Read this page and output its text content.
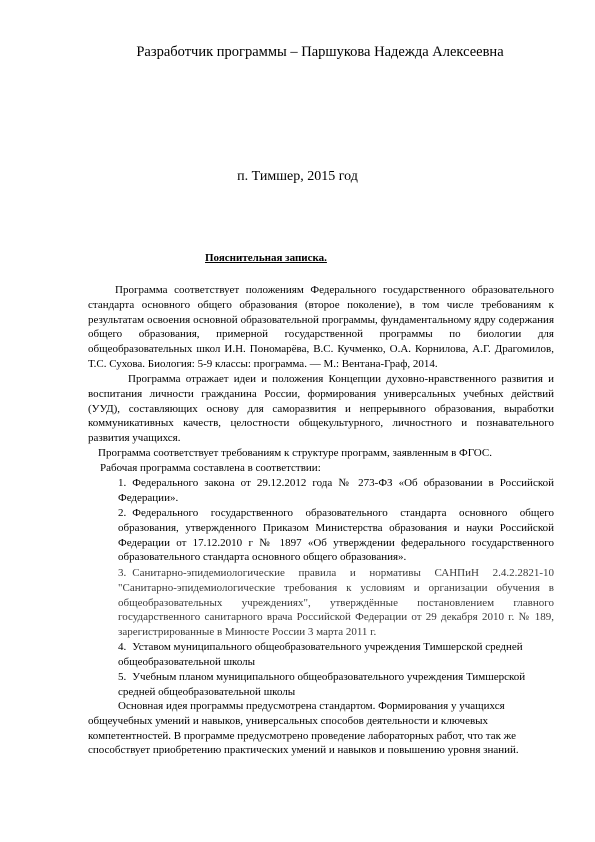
Разработчик программы – Паршукова Надежда Алексеевна
п. Тимшер, 2015 год
Пояснительная записка.
Программа соответствует положениям Федерального государственного образовательного стандарта основного общего образования (второе поколение), в том числе требованиям к результатам освоения основной образовательной программы, фундаментальному ядру содержания общего образования, примерной государственной программы по биологии для общеобразовательных школ И.Н. Пономарёва, В.С. Кучменко, О.А. Корнилова, А.Г. Драгомилов, Т.С. Сухова. Биология: 5-9 классы: программа. — М.: Вентана-Граф, 2014.
Программа отражает идеи и положения Концепции духовно-нравственного развития и воспитания личности гражданина России, формирования универсальных учебных действий (УУД), составляющих основу для саморазвития и непрерывного образования, выработки коммуникативных качеств, целостности общекультурного, личностного и познавательного развития учащихся.
Программа соответствует требованиям к структуре программ, заявленным в ФГОС.
Рабочая программа составлена в соответствии:
1. Федерального закона от 29.12.2012 года № 273-ФЗ «Об образовании в Российской Федерации».
2. Федерального государственного образовательного стандарта основного общего образования, утвержденного Приказом Министерства образования и науки Российской Федерации от 17.12.2010 г № 1897 «Об утверждении федерального государственного образовательного стандарта основного общего образования».
3. Санитарно-эпидемиологические правила и нормативы САНПиН 2.4.2.2821-10 "Санитарно-эпидемиологические требования к условиям и организации обучения в общеобразовательных учреждениях", утверждённые постановлением главного государственного санитарного врача Российской Федерации от 29 декабря 2010 г. № 189, зарегистрированные в Минюсте России 3 марта 2011 г.
4. Уставом муниципального общеобразовательного учреждения Тимшерской средней общеобразовательной школы
5. Учебным планом муниципального общеобразовательного учреждения Тимшерской средней общеобразовательной школы
Основная идея программы предусмотрена стандартом. Формирования у учащихся общеучебных умений и навыков, универсальных способов деятельности и ключевых компетентностей. В программе предусмотрено проведение лабораторных работ, что так же способствует приобретению практических умений и навыков и повышению уровня знаний.
